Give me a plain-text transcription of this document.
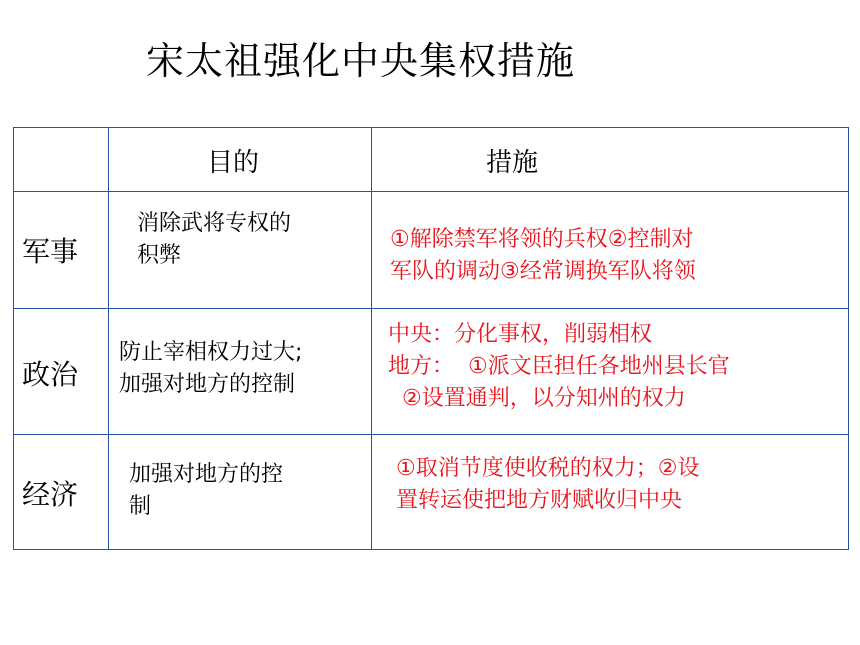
宋太祖强化中央集权措施
目的	措施
军事
消除武将专权的
积弊
①解除禁军将领的兵权②控制对
军队的调动③经常调换军队将领
政治
防止宰相权力过大;
加强对地方的控制
中央：分化事权，削弱相权
地方：  ①派文臣担任各地州县长官
②设置通判，以分知州的权力
经济
加强对地方的控
制
①取消节度使收税的权力；②设
置转运使把地方财赋收归中央
